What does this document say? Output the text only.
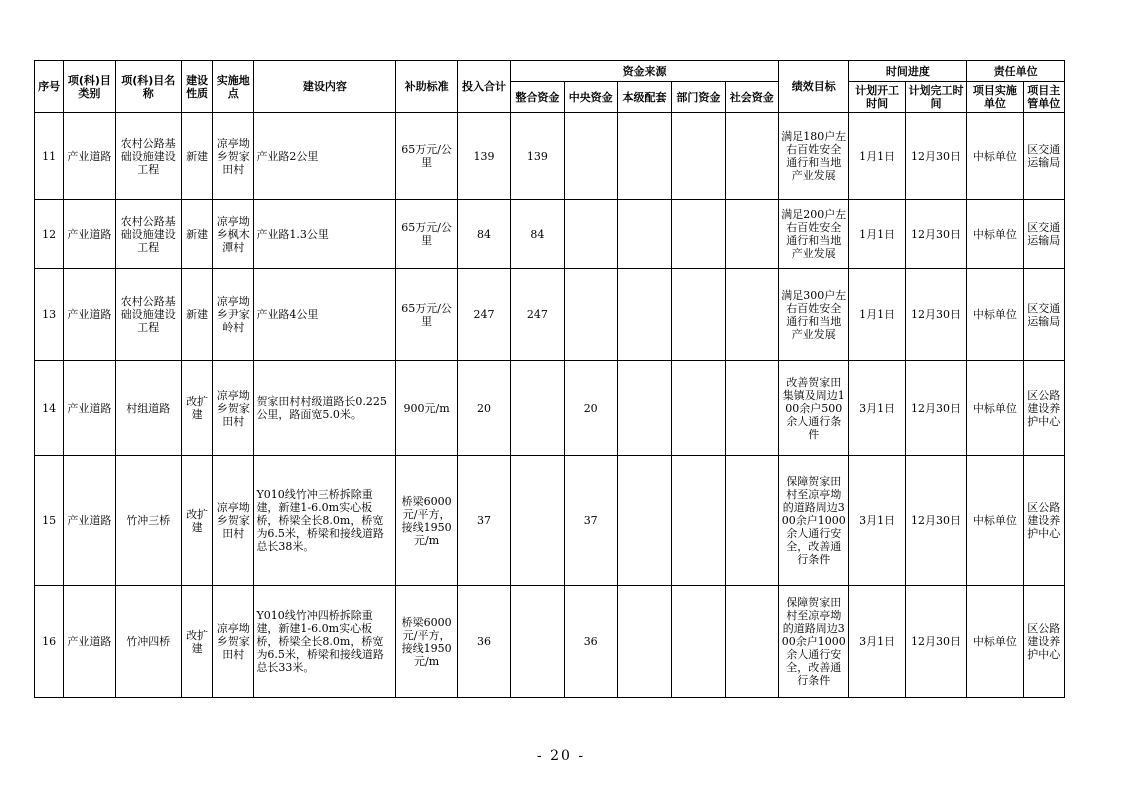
序号	项(科)目类别	项(科)目名称	建设性质	实施地点	建设内容	补助标准	投入合计	资金来源					绩效目标	时间进度		责任单位	
								整合资金	中央资金	本级配套	部门资金	社会资金		计划开工时间	计划完工时间	项目实施单位	项目主管单位
11	产业道路	农村公路基础设施建设工程	新建	凉亭坳乡贺家田村	产业路2公里	65万元/公里	139	139					满足180户左右百姓安全通行和当地产业发展	1月1日	12月30日	中标单位	区交通运输局
12	产业道路	农村公路基础设施建设工程	新建	凉亭坳乡枫木潭村	产业路1.3公里	65万元/公里	84	84					满足200户左右百姓安全通行和当地产业发展	1月1日	12月30日	中标单位	区交通运输局
13	产业道路	农村公路基础设施建设工程	新建	凉亭坳乡尹家岭村	产业路4公里	65万元/公里	247	247					满足300户左右百姓安全通行和当地产业发展	1月1日	12月30日	中标单位	区交通运输局
14	产业道路	村组道路	改扩建	凉亭坳乡贺家田村	贺家田村村级道路长0.225公里，路面宽5.0米。	900元/m	20		20				改善贺家田集镇及周边100余户500余人通行条件	3月1日	12月30日	中标单位	区公路建设养护中心
15	产业道路	竹冲三桥	改扩建	凉亭坳乡贺家田村	Y010线竹冲三桥拆除重建，新建1-6.0m实心板桥，桥梁全长8.0m，桥宽为6.5米，桥梁和接线道路总长38米。	桥梁6000元/平方，接线1950元/m	37		37				保障贺家田村至凉亭坳的道路周边300余户1000余人通行安全，改善通行条件	3月1日	12月30日	中标单位	区公路建设养护中心
16	产业道路	竹冲四桥	改扩建	凉亭坳乡贺家田村	Y010线竹冲四桥拆除重建，新建1-6.0m实心板桥，桥梁全长8.0m，桥宽为6.5米，桥梁和接线道路总长33米。	桥梁6000元/平方，接线1950元/m	36		36				保障贺家田村至凉亭坳的道路周边300余户1000余人通行安全，改善通行条件	3月1日	12月30日	中标单位	区公路建设养护中心
- 20 -
